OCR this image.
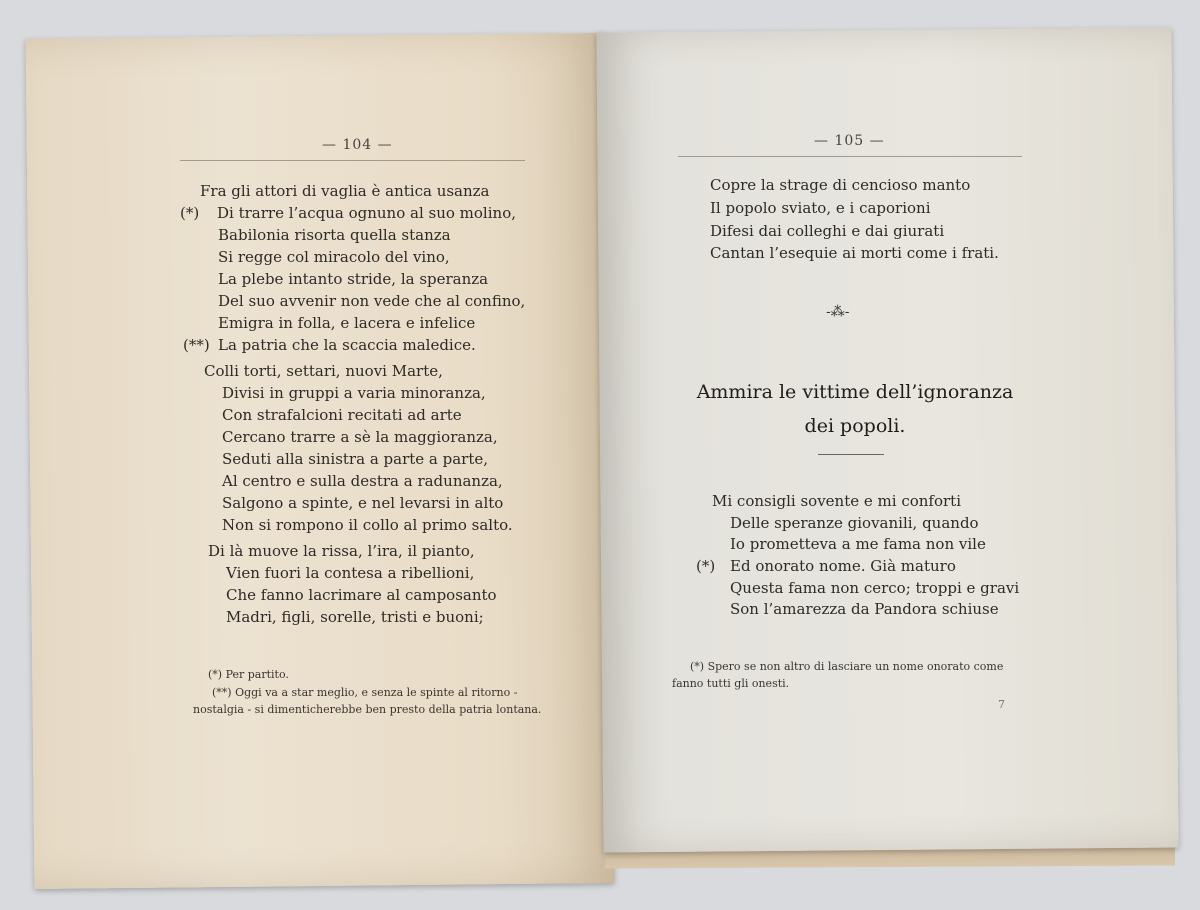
— 104 —
Fra gli attori di vaglia è antica usanza
(*) Di trarre l’acqua ognuno al suo molino,
Babilonia risorta quella stanza
Si regge col miracolo del vino,
La plebe intanto stride, la speranza
Del suo avvenir non vede che al confino,
Emigra in folla, e lacera e infelice
(**) La patria che la scaccia maledice.
Colli torti, settari, nuovi Marte,
Divisi in gruppi a varia minoranza,
Con strafalcioni recitati ad arte
Cercano trarre a sè la maggioranza,
Seduti alla sinistra a parte a parte,
Al centro e sulla destra a radunanza,
Salgono a spinte, e nel levarsi in alto
Non si rompono il collo al primo salto.
Di là muove la rissa, l’ira, il pianto,
Vien fuori la contesa a ribellioni,
Che fanno lacrimare al camposanto
Madri, figli, sorelle, tristi e buoni;
(*) Per partito.
(**) Oggi va a star meglio, e senza le spinte al ritorno -
nostalgia - si dimenticherebbe ben presto della patria lontana.
— 105 —
Copre la strage di cencioso manto
Il popolo sviato, e i caporioni
Difesi dai colleghi e dai giurati
Cantan l’esequie ai morti come i frati.
-⁂-
Ammira le vittime dell’ignoranza
dei popoli.
Mi consigli sovente e mi conforti
Delle speranze giovanili, quando
Io prometteva a me fama non vile
(*) Ed onorato nome. Già maturo
Questa fama non cerco; troppi e gravi
Son l’amarezza da Pandora schiuse
(*) Spero se non altro di lasciare un nome onorato come
fanno tutti gli onesti.
7
